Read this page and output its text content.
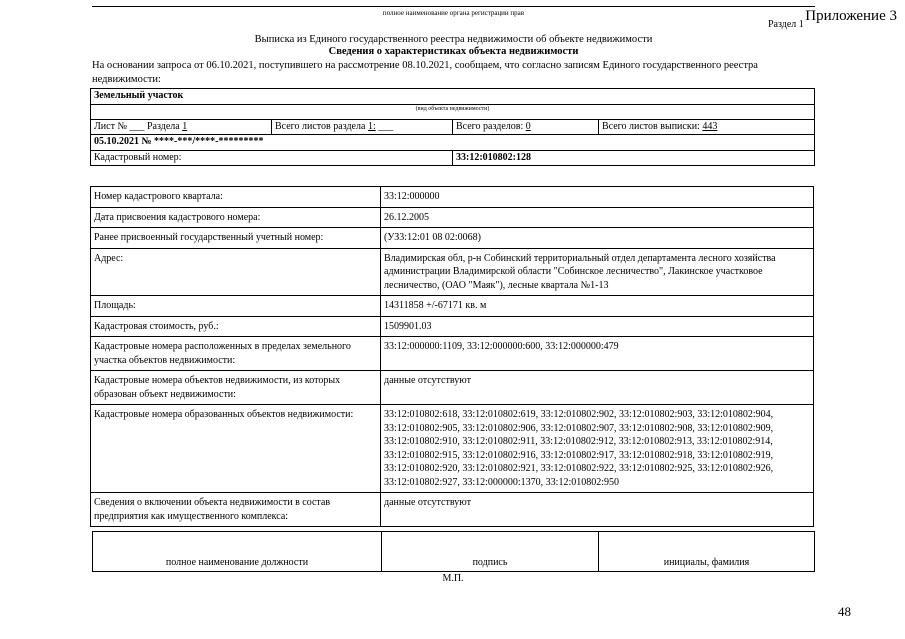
полное наименование органа регистрации прав	Приложение 3
Раздел 1
Выписка из Единого государственного реестра недвижимости об объекте недвижимости
Сведения о характеристиках объекта недвижимости
На основании запроса от 06.10.2021, поступившего на рассмотрение 08.10.2021, сообщаем, что согласно записям Единого государственного реестра недвижимости:
Земельный участок			
(вид объекта недвижимости)			
Лист № ___ Раздела 1	Всего листов раздела 1: ___	Всего разделов: 0	Всего листов выписки: 443
05.10.2021 № ****-***/****-*********			
Кадастровый номер:		33:12:010802:128	
Номер кадастрового квартала:	33:12:000000
Дата присвоения кадастрового номера:	26.12.2005
Ранее присвоенный государственный учетный номер:	(УЗ3:12:01 08 02:0068)
Адрес:	Владимирская обл, р-н Собинский территориальный отдел департамента лесного хозяйства администрации Владимирской области "Собинское лесничество", Лакинское участковое лесничество, (ОАО "Маяк"), лесные квартала №1-13
Площадь:	14311858 +/-67171 кв. м
Кадастровая стоимость, руб.:	1509901.03
Кадастровые номера расположенных в пределах земельного участка объектов недвижимости:	33:12:000000:1109, 33:12:000000:600, 33:12:000000:479
Кадастровые номера объектов недвижимости, из которых образован объект недвижимости:	данные отсутствуют
Кадастровые номера образованных объектов недвижимости:	33:12:010802:618, 33:12:010802:619, 33:12:010802:902, 33:12:010802:903, 33:12:010802:904, 33:12:010802:905, 33:12:010802:906, 33:12:010802:907, 33:12:010802:908, 33:12:010802:909, 33:12:010802:910, 33:12:010802:911, 33:12:010802:912, 33:12:010802:913, 33:12:010802:914, 33:12:010802:915, 33:12:010802:916, 33:12:010802:917, 33:12:010802:918, 33:12:010802:919, 33:12:010802:920, 33:12:010802:921, 33:12:010802:922, 33:12:010802:925, 33:12:010802:926, 33:12:010802:927, 33:12:000000:1370, 33:12:010802:950
Сведения о включении объекта недвижимости в состав предприятия как имущественного комплекса:	данные отсутствуют
полное наименование должности	подпись	инициалы, фамилия
М.П.
48
